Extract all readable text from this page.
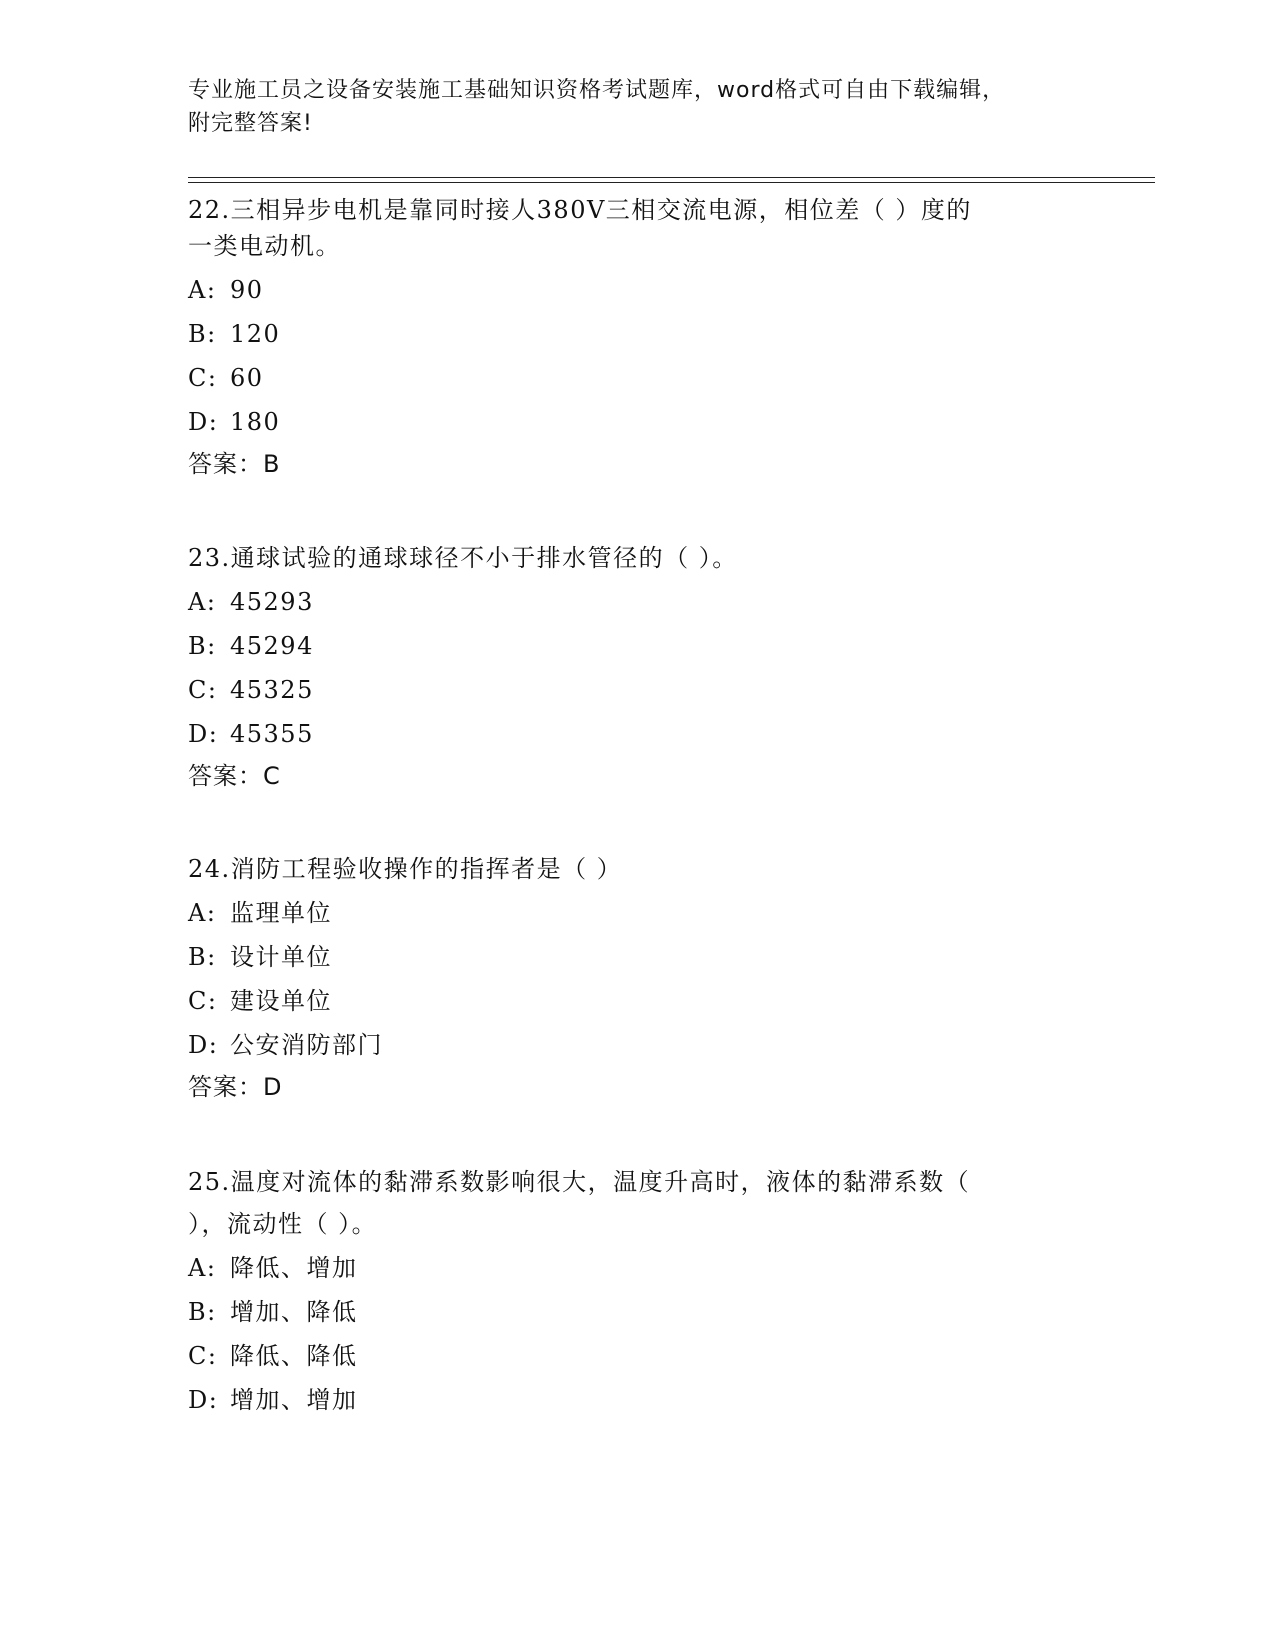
专业施工员之设备安装施工基础知识资格考试题库，word格式可自由下载编辑，
附完整答案!
22.三相异步电机是靠同时接人380V三相交流电源，相位差（ ）度的
一类电动机。
A: 90
B: 120
C: 60
D: 180
答案：B
23.通球试验的通球球径不小于排水管径的（ ）。
A: 45293
B: 45294
C: 45325
D: 45355
答案：C
24.消防工程验收操作的指挥者是（ ）
A: 监理单位
B: 设计单位
C: 建设单位
D: 公安消防部门
答案：D
25.温度对流体的黏滞系数影响很大，温度升高时，液体的黏滞系数（
），流动性（ ）。
A: 降低、增加
B: 增加、降低
C: 降低、降低
D: 增加、增加
